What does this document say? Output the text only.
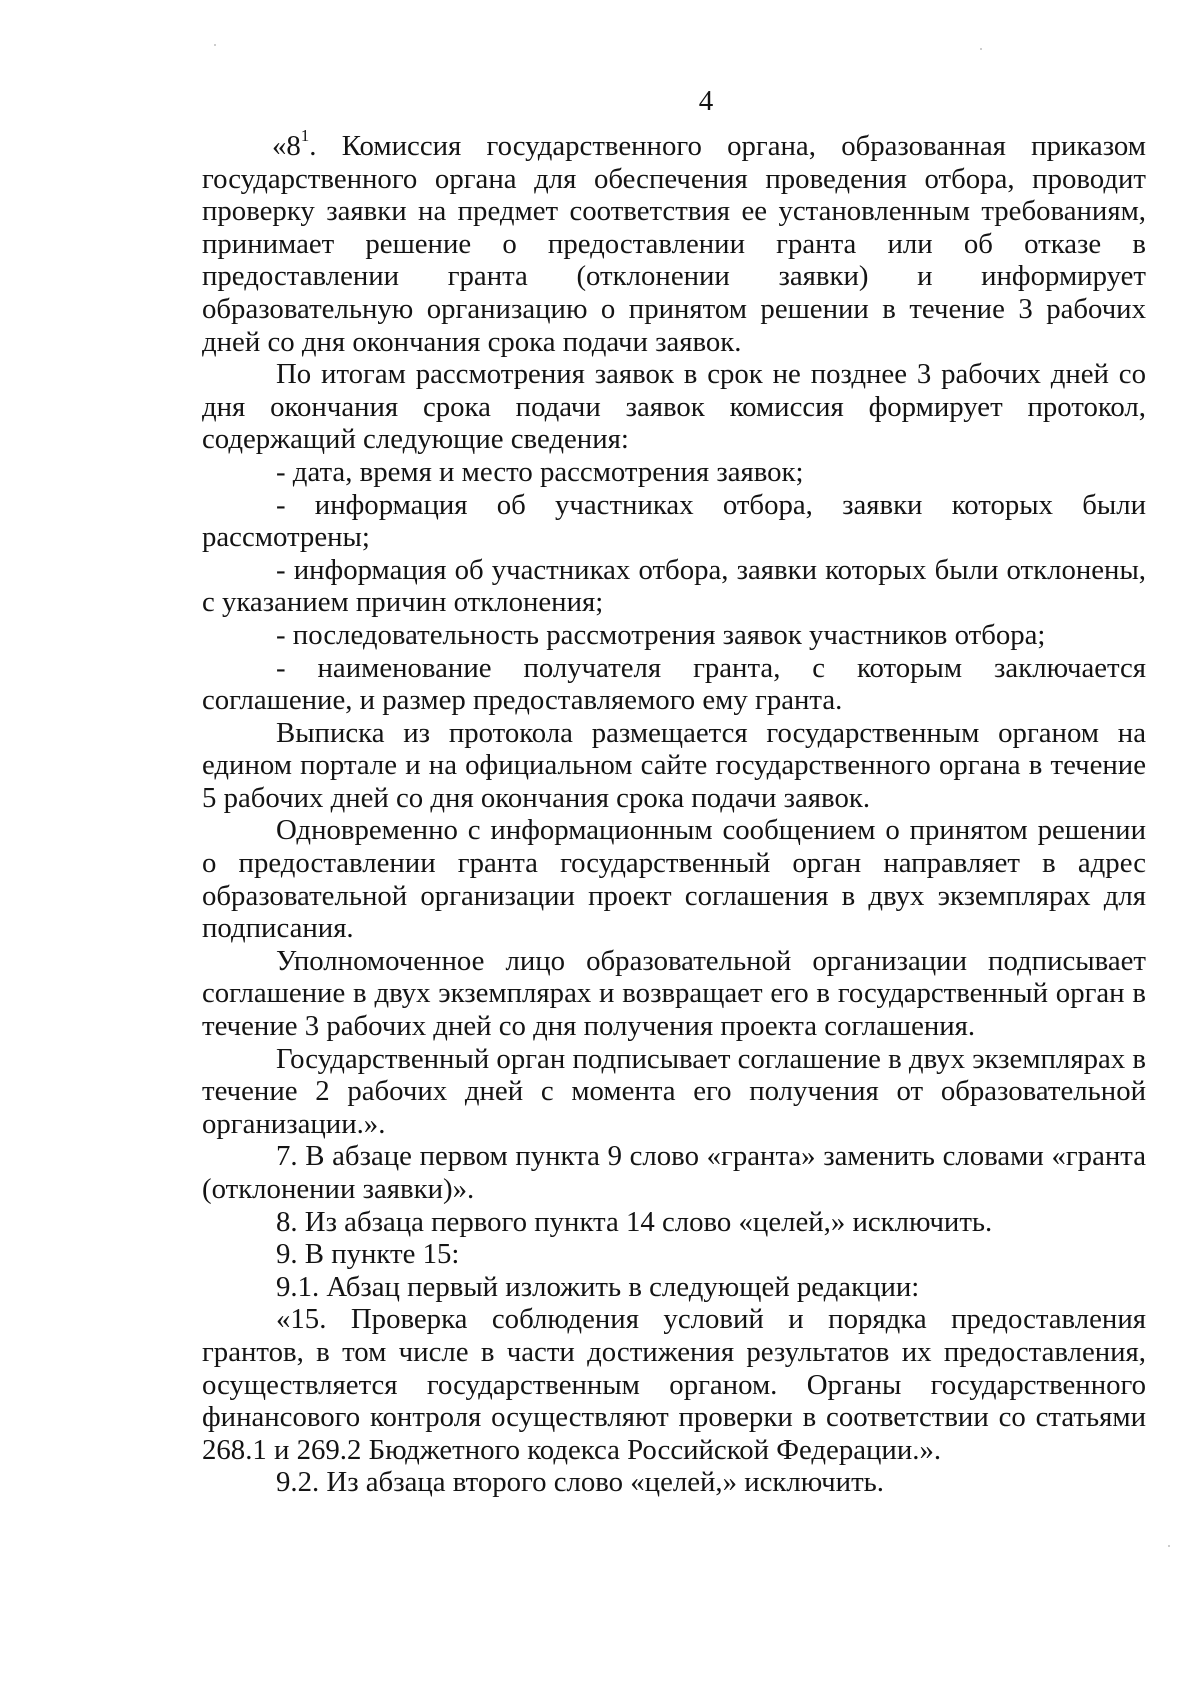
4

«$8^1$. Комиссия государственного органа, образованная приказом государственного органа для обеспечения проведения отбора, проводит проверку заявки на предмет соответствия ее установленным требованиям, принимает решение о предоставлении гранта или об отказе в предоставлении гранта (отклонении заявки) и информирует образовательную организацию о принятом решении в течение 3 рабочих дней со дня окончания срока подачи заявок.

По итогам рассмотрения заявок в срок не позднее 3 рабочих дней со дня окончания срока подачи заявок комиссия формирует протокол, содержащий следующие сведения:

- дата, время и место рассмотрения заявок;

- информация об участниках отбора, заявки которых были рассмотрены;

- информация об участниках отбора, заявки которых были отклонены, с указанием причин отклонения;

- последовательность рассмотрения заявок участников отбора;

- наименование получателя гранта, с которым заключается соглашение, и размер предоставляемого ему гранта.

Выписка из протокола размещается государственным органом на едином портале и на официальном сайте государственного органа в течение 5 рабочих дней со дня окончания срока подачи заявок.

Одновременно с информационным сообщением о принятом решении о предоставлении гранта государственный орган направляет в адрес образовательной организации проект соглашения в двух экземплярах для подписания.

Уполномоченное лицо образовательной организации подписывает соглашение в двух экземплярах и возвращает его в государственный орган в течение 3 рабочих дней со дня получения проекта соглашения.

Государственный орган подписывает соглашение в двух экземплярах в течение 2 рабочих дней с момента его получения от образовательной организации.».

7. В абзаце первом пункта 9 слово «гранта» заменить словами «гранта (отклонении заявки)».

8. Из абзаца первого пункта 14 слово «целей,» исключить.

9. В пункте 15:

9.1. Абзац первый изложить в следующей редакции:

«15. Проверка соблюдения условий и порядка предоставления грантов, в том числе в части достижения результатов их предоставления, осуществляется государственным органом. Органы государственного финансового контроля осуществляют проверки в соответствии со статьями 268.1 и 269.2 Бюджетного кодекса Российской Федерации.».

9.2. Из абзаца второго слово «целей,» исключить.
